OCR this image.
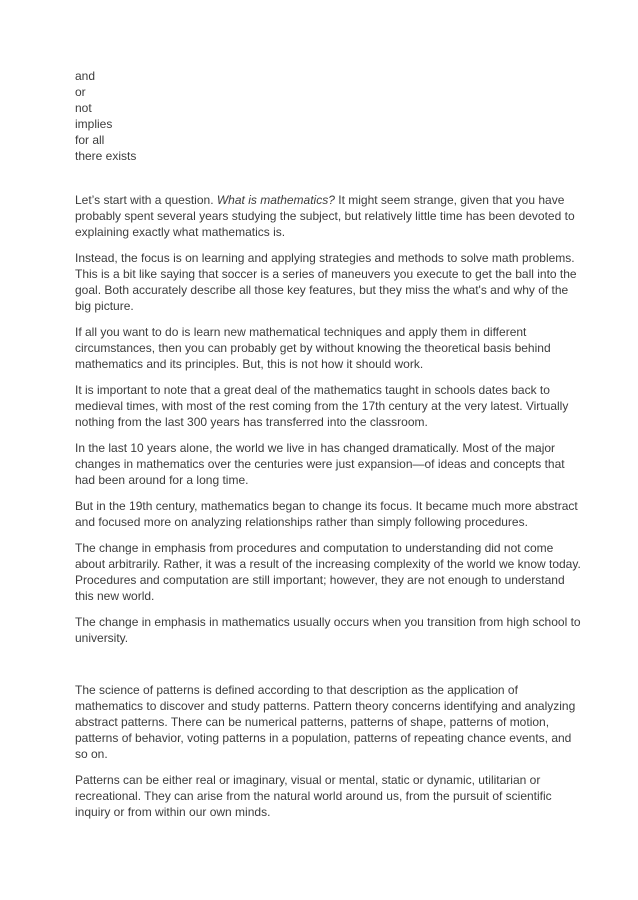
and
or
not
implies
for all
there exists

Let’s start with a question. What is mathematics? It might seem strange, given that you have probably spent several years studying the subject, but relatively little time has been devoted to explaining exactly what mathematics is.

Instead, the focus is on learning and applying strategies and methods to solve math problems. This is a bit like saying that soccer is a series of maneuvers you execute to get the ball into the goal. Both accurately describe all those key features, but they miss the what's and why of the big picture.

If all you want to do is learn new mathematical techniques and apply them in different circumstances, then you can probably get by without knowing the theoretical basis behind mathematics and its principles. But, this is not how it should work.

It is important to note that a great deal of the mathematics taught in schools dates back to medieval times, with most of the rest coming from the 17th century at the very latest. Virtually nothing from the last 300 years has transferred into the classroom.

In the last 10 years alone, the world we live in has changed dramatically. Most of the major changes in mathematics over the centuries were just expansion—of ideas and concepts that had been around for a long time.

But in the 19th century, mathematics began to change its focus. It became much more abstract and focused more on analyzing relationships rather than simply following procedures.

The change in emphasis from procedures and computation to understanding did not come about arbitrarily. Rather, it was a result of the increasing complexity of the world we know today. Procedures and computation are still important; however, they are not enough to understand this new world.

The change in emphasis in mathematics usually occurs when you transition from high school to university.

The science of patterns is defined according to that description as the application of mathematics to discover and study patterns. Pattern theory concerns identifying and analyzing abstract patterns. There can be numerical patterns, patterns of shape, patterns of motion, patterns of behavior, voting patterns in a population, patterns of repeating chance events, and so on.

Patterns can be either real or imaginary, visual or mental, static or dynamic, utilitarian or recreational. They can arise from the natural world around us, from the pursuit of scientific inquiry or from within our own minds.
